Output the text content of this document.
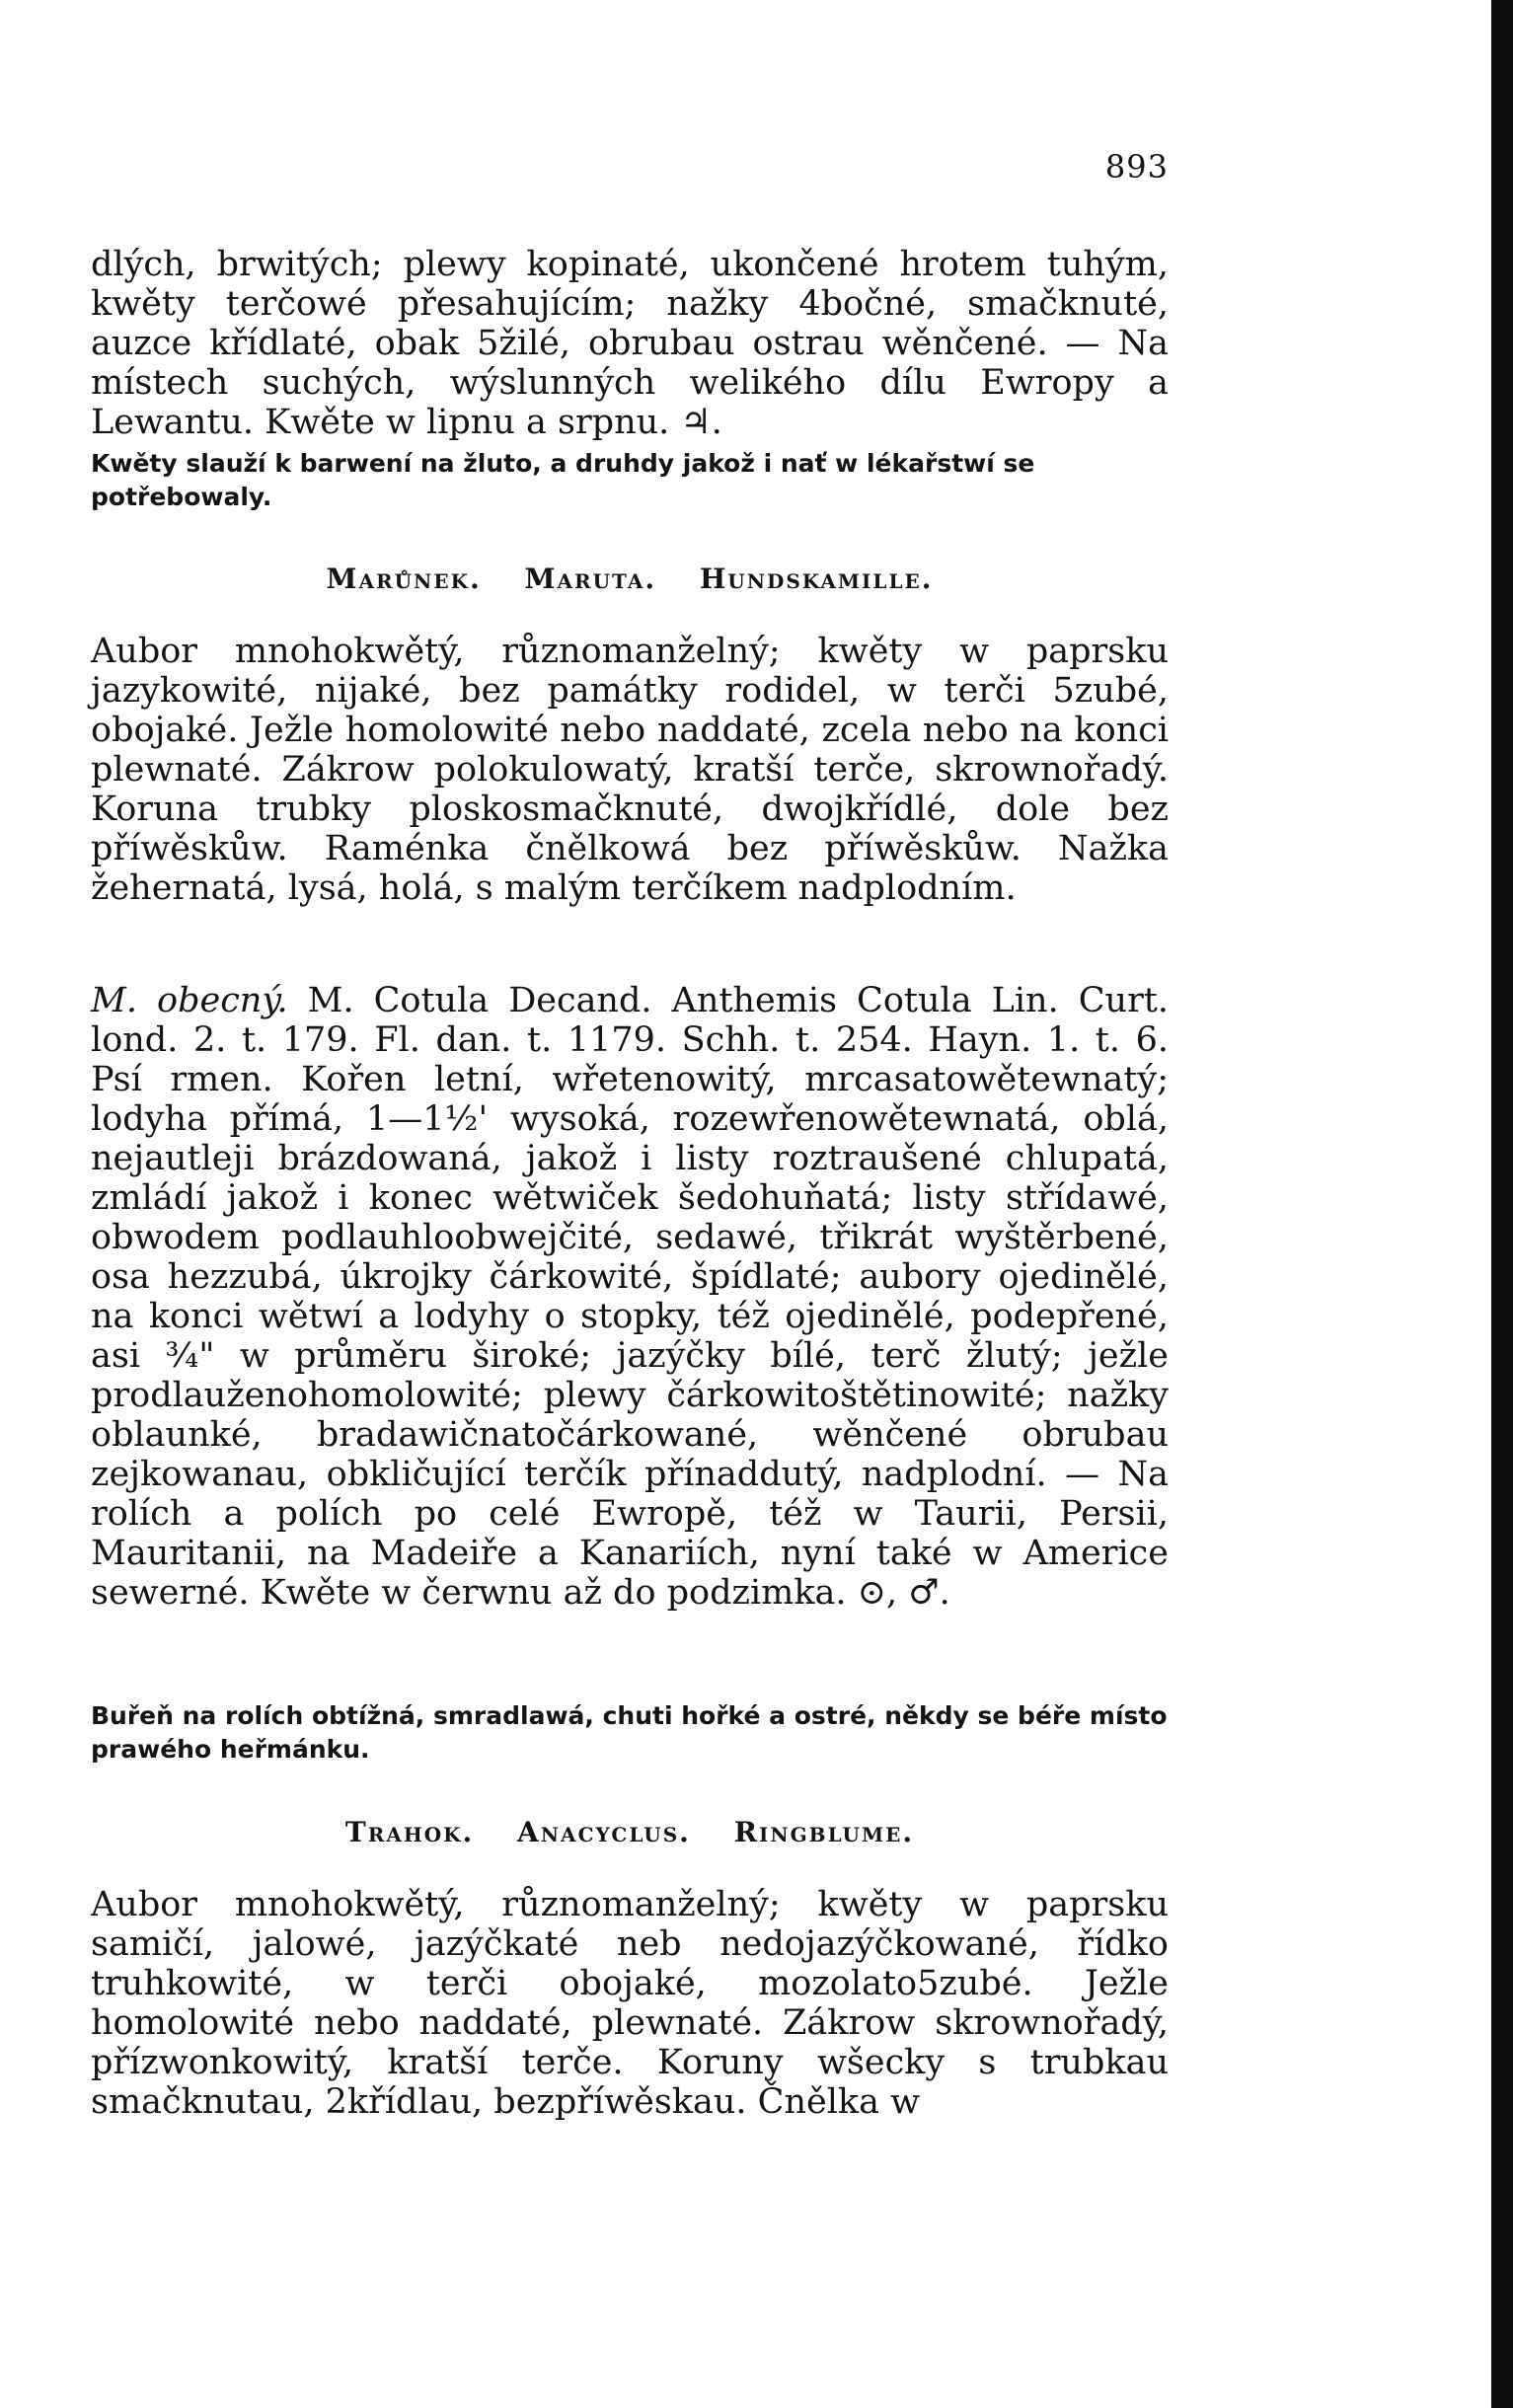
893

dlých, brwitých; plewy kopinaté, ukončené hrotem tuhým, kwěty terčowé přesahujícím; nažky 4bočné, smačknuté, auzce křídlaté, obak 5žilé, obrubau ostrau wěnčené. — Na místech suchých, wýslunných welikého dílu Ewropy a Lewantu. Kwěte w lipnu a srpnu. ♃.

Kwěty slauží k barwení na žluto, a druhdy jakož i nať w lékařstwí se potřebowaly.

Marůnek. Maruta. Hundskamille.

Aubor mnohokwětý, různomanželný; kwěty w paprsku jazykowité, nijaké, bez památky rodidel, w terči 5zubé, obojaké. Ježle homolowité nebo naddaté, zcela nebo na konci plewnaté. Zákrow polokulowatý, kratší terče, skrownořadý. Koruna trubky ploskosmačknuté, dwojkřídlé, dole bez příwěskůw. Raménka čnělkowá bez příwěskůw. Nažka žehernatá, lysá, holá, s malým terčíkem nadplodním.

M. obecný. M. Cotula Decand. Anthemis Cotula Lin. Curt. lond. 2. t. 179. Fl. dan. t. 1179. Schh. t. 254. Hayn. 1. t. 6. Psí rmen. Kořen letní, wřetenowitý, mrcasatowětewnatý; lodyha přímá, 1—1½' wysoká, rozewřenowětewnatá, oblá, nejautleji brázdowaná, jakož i listy roztraušené chlupatá, zmládí jakož i konec wětwiček šedohuňatá; listy střídawé, obwodem podlauhloobwejčité, sedawé, třikrát wyštěrbené, osa hezzubá, úkrojky čárkowité, špídlaté; aubory ojedinělé, na konci wětwí a lodyhy o stopky, též ojedinělé, podepřené, asi ¾" w průměru široké; jazýčky bílé, terč žlutý; ježle prodlauženohomolowité; plewy čárkowitoštětinowité; nažky oblaunké, bradawičnatočárkowané, wěnčené obrubau zejkowanau, obkličující terčík přínaddutý, nadplodní. — Na rolích a polích po celé Ewropě, též w Taurii, Persii, Mauritanii, na Madeiře a Kanariích, nyní také w Americe sewerné. Kwěte w čerwnu až do podzimka. ⊙, ♂.

Buřeň na rolích obtížná, smradlawá, chuti hořké a ostré, někdy se béře místo prawého heřmánku.

Trahok. Anacyclus. Ringblume.

Aubor mnohokwětý, různomanželný; kwěty w paprsku samičí, jalowé, jazýčkaté neb nedojazýčkowané, řídko truhkowité, w terči obojaké, mozolato5zubé. Ježle homolowité nebo naddaté, plewnaté. Zákrow skrownořadý, přízwonkowitý, kratší terče. Koruny wšecky s trubkau smačknutau, 2křídlau, bezpříwěskau. Čnělka w
